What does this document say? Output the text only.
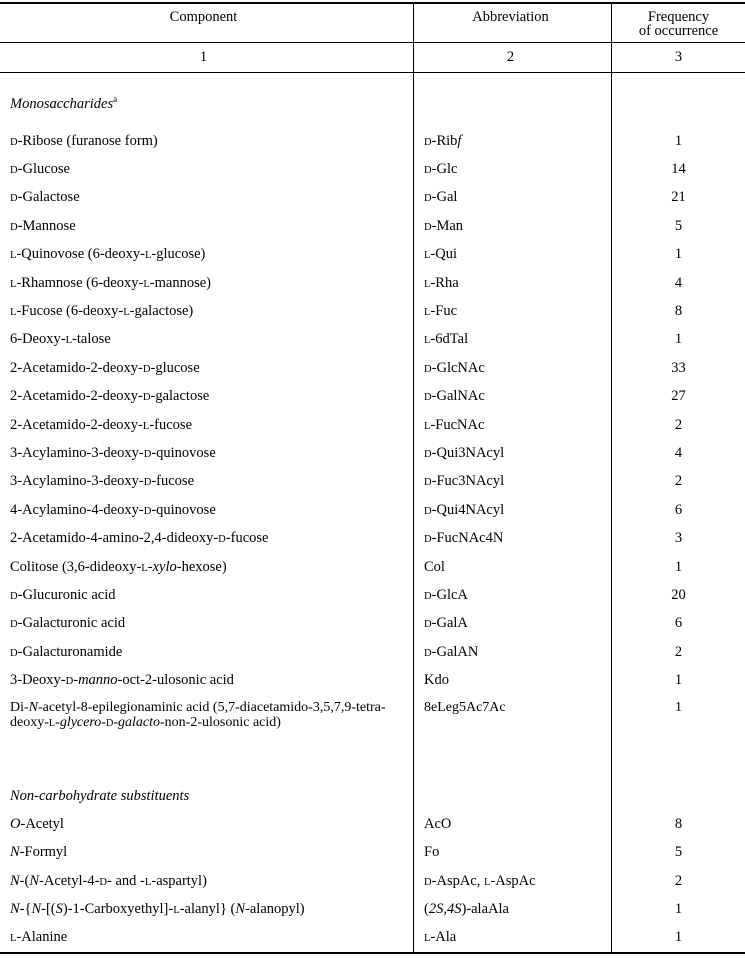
Component	Abbreviation	Frequency
of occurrence
1	2	3
Monosaccharides$^a$
D-Ribose (furanose form)	D-Ribf	1
D-Glucose	D-Glc	14
D-Galactose	D-Gal	21
D-Mannose	D-Man	5
L-Quinovose (6-deoxy-L-glucose)	L-Qui	1
L-Rhamnose (6-deoxy-L-mannose)	L-Rha	4
L-Fucose (6-deoxy-L-galactose)	L-Fuc	8
6-Deoxy-L-talose	L-6dTal	1
2-Acetamido-2-deoxy-D-glucose	D-GlcNAc	33
2-Acetamido-2-deoxy-D-galactose	D-GalNAc	27
2-Acetamido-2-deoxy-L-fucose	L-FucNAc	2
3-Acylamino-3-deoxy-D-quinovose	D-Qui3NAcyl	4
3-Acylamino-3-deoxy-D-fucose	D-Fuc3NAcyl	2
4-Acylamino-4-deoxy-D-quinovose	D-Qui4NAcyl	6
2-Acetamido-4-amino-2,4-dideoxy-D-fucose	D-FucNAc4N	3
Colitose (3,6-dideoxy-L-xylo-hexose)	Col	1
D-Glucuronic acid	D-GlcA	20
D-Galacturonic acid	D-GalA	6
D-Galacturonamide	D-GalAN	2
3-Deoxy-D-manno-oct-2-ulosonic acid	Kdo	1
Di-N-acetyl-8-epilegionaminic acid (5,7-diacetamido-3,5,7,9-tetra-
deoxy-L-glycero-D-galacto-non-2-ulosonic acid)
8eLeg5Ac7Ac	1
Non-carbohydrate substituents
O-Acetyl	AcO	8
N-Formyl	Fo	5
N-(N-Acetyl-4-D- and -L-aspartyl)	D-AspAc, L-AspAc	2
N-{N-[(S)-1-Carboxyethyl]-L-alanyl} (N-alanopyl)	(2S,4S)-alaAla	1
L-Alanine	L-Ala	1
